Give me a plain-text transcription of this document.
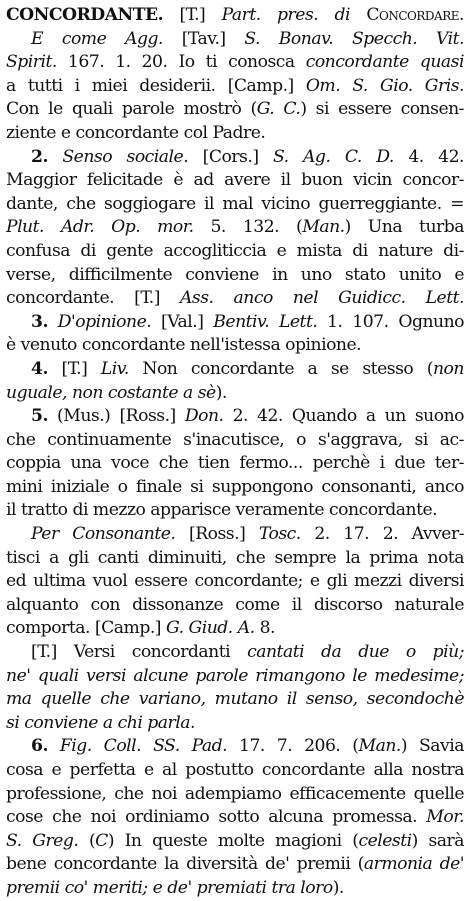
CONCORDANTE. [T.] Part. pres. di Concordare.
E come Agg. [Tav.] S. Bonav. Specch. Vit.
Spirit. 167. 1. 20. Io ti conosca concordante quasi
a tutti i miei desiderii. [Camp.] Om. S. Gio. Gris.
Con le quali parole mostrò (G. C.) si essere consen-
ziente e concordante col Padre.
2. Senso sociale. [Cors.] S. Ag. C. D. 4. 42.
Maggior felicitade è ad avere il buon vicin concor-
dante, che soggiogare il mal vicino guerreggiante. =
Plut. Adr. Op. mor. 5. 132. (Man.) Una turba
confusa di gente accogliticcia e mista di nature di-
verse, difficilmente conviene in uno stato unito e
concordante. [T.] Ass. anco nel Guidicc. Lett.
3. D'opinione. [Val.] Bentiv. Lett. 1. 107. Ognuno
è venuto concordante nell'istessa opinione.
4. [T.] Liv. Non concordante a se stesso (non
uguale, non costante a sè).
5. (Mus.) [Ross.] Don. 2. 42. Quando a un suono
che continuamente s'inacutisce, o s'aggrava, si ac-
coppia una voce che tien fermo... perchè i due ter-
mini iniziale o finale si suppongono consonanti, anco
il tratto di mezzo apparisce veramente concordante.
Per Consonante. [Ross.] Tosc. 2. 17. 2. Avver-
tisci a gli canti diminuiti, che sempre la prima nota
ed ultima vuol essere concordante; e gli mezzi diversi
alquanto con dissonanze come il discorso naturale
comporta. [Camp.] G. Giud. A. 8.
[T.] Versi concordanti cantati da due o più;
ne' quali versi alcune parole rimangono le medesime;
ma quelle che variano, mutano il senso, secondochè
si conviene a chi parla.
6. Fig. Coll. SS. Pad. 17. 7. 206. (Man.) Savia
cosa e perfetta e al postutto concordante alla nostra
professione, che noi adempiamo efficacemente quelle
cose che noi ordiniamo sotto alcuna promessa. Mor.
S. Greg. (C) In queste molte magioni (celesti) sarà
bene concordante la diversità de' premii (armonia de'
premii co' meriti; e de' premiati tra loro).
